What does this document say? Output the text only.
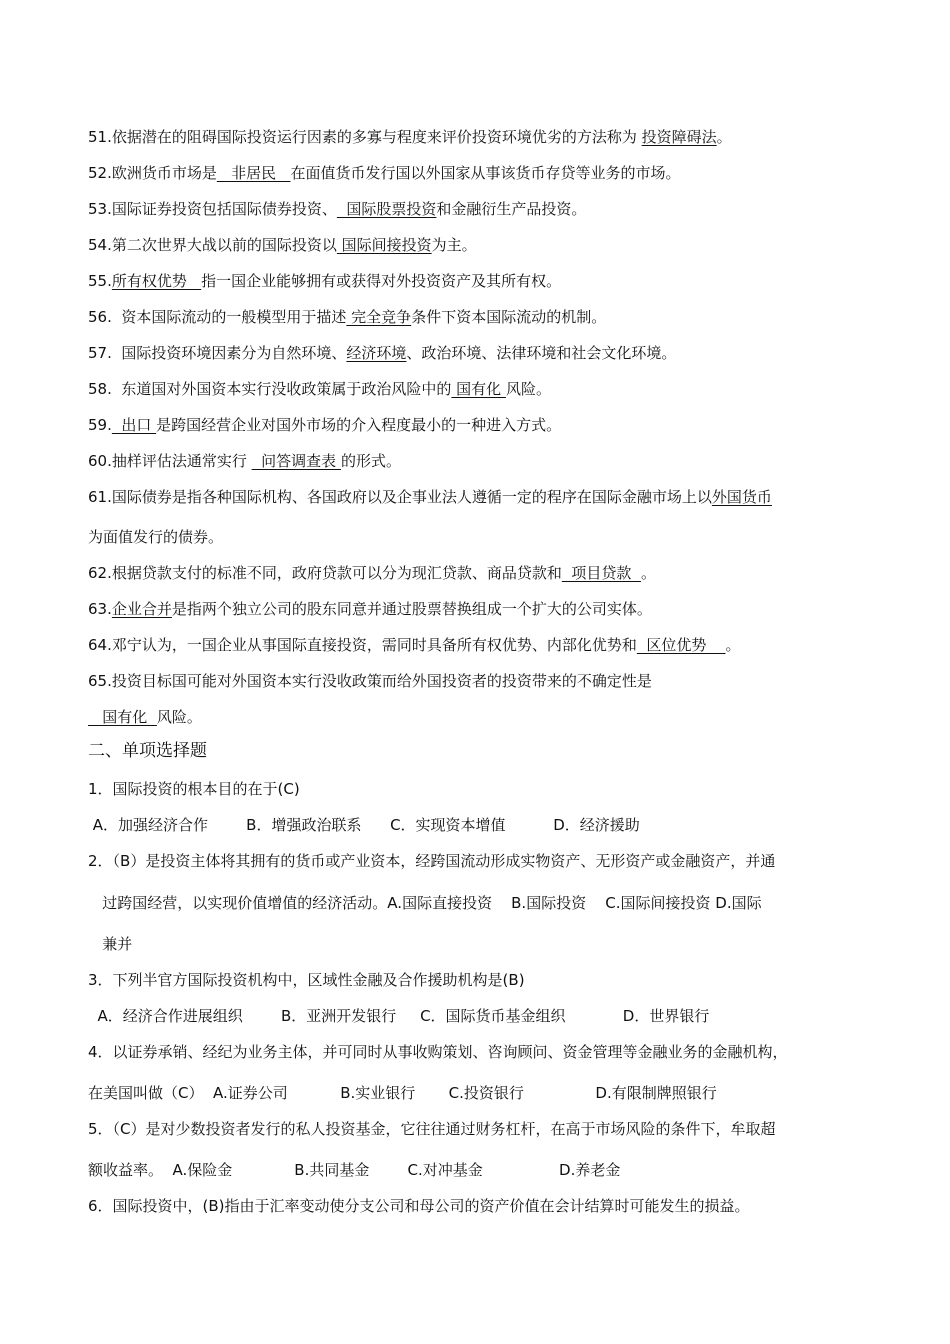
51.依据潜在的阻碍国际投资运行因素的多寡与程度来评价投资环境优劣的方法称为 投资障碍法。
52.欧洲货币市场是   非居民   在面值货币发行国以外国家从事该货币存贷等业务的市场。
53.国际证券投资包括国际债券投资、  国际股票投资和金融衍生产品投资。
54.第二次世界大战以前的国际投资以 国际间接投资为主。
55.所有权优势   指一国企业能够拥有或获得对外投资资产及其所有权。
56.  资本国际流动的一般模型用于描述 完全竞争条件下资本国际流动的机制。
57.  国际投资环境因素分为自然环境、经济环境、政治环境、法律环境和社会文化环境。
58.  东道国对外国资本实行没收政策属于政治风险中的 国有化 风险。
59.  出口 是跨国经营企业对国外市场的介入程度最小的一种进入方式。
60.抽样评估法通常实行   问答调查表 的形式。
61.国际债券是指各种国际机构、各国政府以及企事业法人遵循一定的程序在国际金融市场上以外国货币
为面值发行的债券。
62.根据贷款支付的标准不同，政府贷款可以分为现汇贷款、商品贷款和  项目贷款  。
63.企业合并是指两个独立公司的股东同意并通过股票替换组成一个扩大的公司实体。
64.邓宁认为，一国企业从事国际直接投资，需同时具备所有权优势、内部化优势和  区位优势    。
65.投资目标国可能对外国资本实行没收政策而给外国投资者的投资带来的不确定性是
国有化  风险。
二、单项选择题
1．国际投资的根本目的在于(C)
A．加强经济合作        B．增强政治联系      C．实现资本增值          D．经济援助
2．（B）是投资主体将其拥有的货币或产业资本，经跨国流动形成实物资产、无形资产或金融资产，并通
过跨国经营，以实现价值增值的经济活动。A.国际直接投资    B.国际投资    C.国际间接投资 D.国际
兼并
3．下列半官方国际投资机构中，区域性金融及合作援助机构是(B)
A．经济合作进展组织        B．亚洲开发银行     C．国际货币基金组织            D．世界银行
4．以证券承销、经纪为业务主体，并可同时从事收购策划、咨询顾问、资金管理等金融业务的金融机构，
在美国叫做（C）  A.证券公司           B.实业银行       C.投资银行               D.有限制牌照银行
5．（C）是对少数投资者发行的私人投资基金，它往往通过财务杠杆，在高于市场风险的条件下，牟取超
额收益率。  A.保险金             B.共同基金        C.对冲基金                D.养老金
6．国际投资中，(B)指由于汇率变动使分支公司和母公司的资产价值在会计结算时可能发生的损益。
